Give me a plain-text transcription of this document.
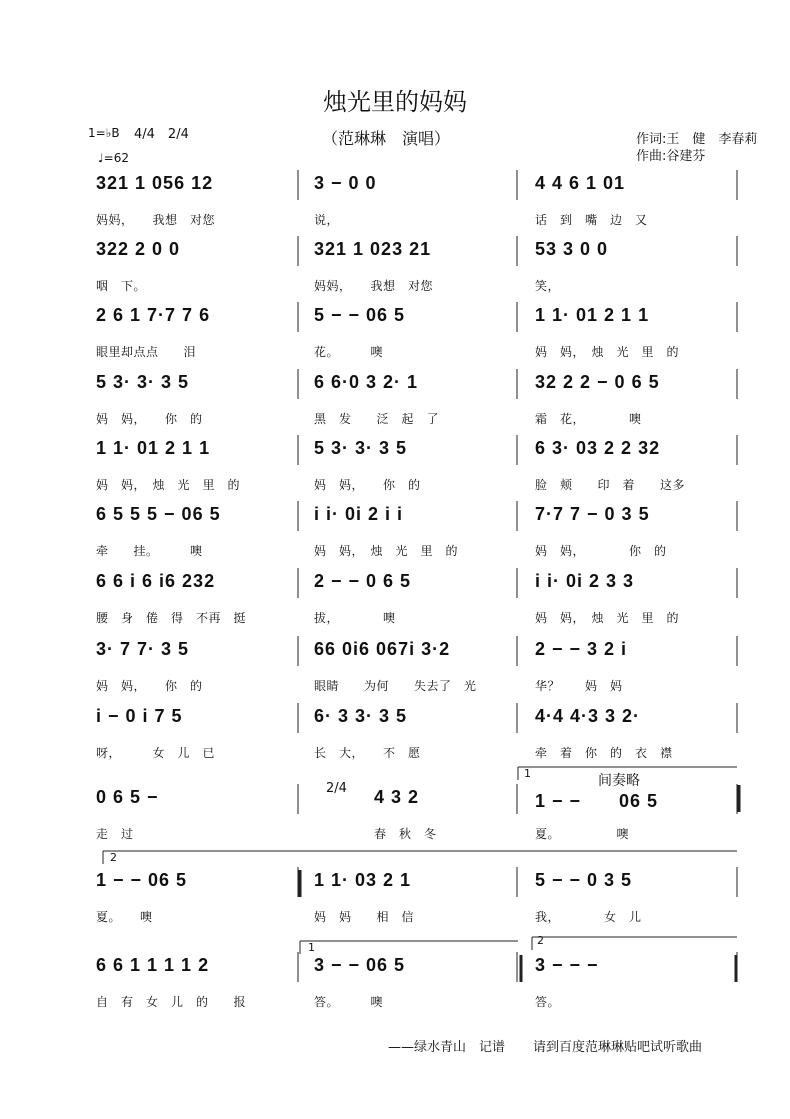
烛光里的妈妈
1=♭B 4/4　2/4
♩=62
（范琳琳　演唱）	作词:王　健　李春莉
作曲:谷建芬
321 1 056 12
妈妈，　　我想　对您
3 − 0 0
说，
4 4 6 1 01
话　到　嘴　边　又
322 2 0 0
咽　下。
321 1 023 21
妈妈，　　我想　对您
53 3 0 0
笑，
2 6 1 7·7 7 6
眼里却点点　　泪
5 − − 06 5
花。　　　噢
1 1· 01 2 1 1
妈　妈，　烛　光　里　的
5 3· 3· 3 5
妈　妈，　　你　的
6 6·0 3 2· 1
黑　发　　泛　起　了
32 2 2 − 0 6 5
霜　花，　　　　噢
1 1· 01 2 1 1
妈　妈，　烛　光　里　的
5 3· 3· 3 5
妈　妈，　　你　的
6 3· 03 2 2 32
脸　颊　　印　着　　这多
6 5 5 5 − 06 5
牵　　挂。　　　噢
i i· 0i 2 i i
妈　妈，　烛　光　里　的
7·7 7 − 0 3 5
妈　妈，　　　　你　的
6 6 i 6 i6 232
腰　身　倦　得　不再　挺
2 − − 0 6 5
拔，　　　　噢
i i· 0i 2 3 3
妈　妈，　烛　光　里　的
3· 7 7· 3 5
妈　妈，　　你　的
66 0i6 067i 3·2
眼睛　　为何　　失去了　光
2 − − 3 2 i
华？　　妈　妈
i − 0 i 7 5
呀，　　　女　儿　已
6· 3 3· 3 5
长　大，　　不　愿
4·4 4·3 3 2·
牵　着　你　的　衣　襟
0 6 5 −
走　过
4 3 2
春　秋　冬
1 − −　　06 5
夏。　　　　　噢
1 − − 06 5
夏。　　噢
1 1· 03 2 1
妈　妈　　相　信
5 − − 0 3 5
我，　　　　女　儿
6 6 1 1 1 1 2
自　有　女　儿　的　　报
3 − − 06 5
答。　　　噢
3 − − −
答。
间奏略
2/4
1
2
1
2
——绿水青山　记谱 请到百度范琳琳贴吧试听歌曲
